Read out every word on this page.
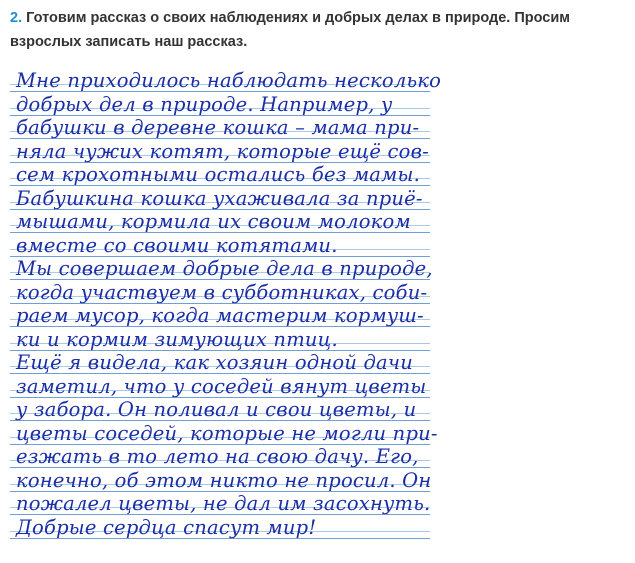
2. Готовим рассказ о своих наблюдениях и добрых делах в природе. Просим взрослых записать наш рассказ.
Мне приходилось наблюдать несколько
добрых дел в природе. Например, у
бабушки в деревне кошка – мама при-
няла чужих котят, которые ещё сов-
сем крохотными остались без мамы.
Бабушкина кошка ухаживала за приё-
мышами, кормила их своим молоком
вместе со своими котятами.
Мы совершаем добрые дела в природе,
когда участвуем в субботниках, соби-
раем мусор, когда мастерим кормуш-
ки и кормим зимующих птиц.
Ещё я видела, как хозяин одной дачи
заметил, что у соседей вянут цветы
у забора. Он поливал и свои цветы, и
цветы соседей, которые не могли при-
езжать в то лето на свою дачу. Его,
конечно, об этом никто не просил. Он
пожалел цветы, не дал им засохнуть.
Добрые сердца спасут мир!
